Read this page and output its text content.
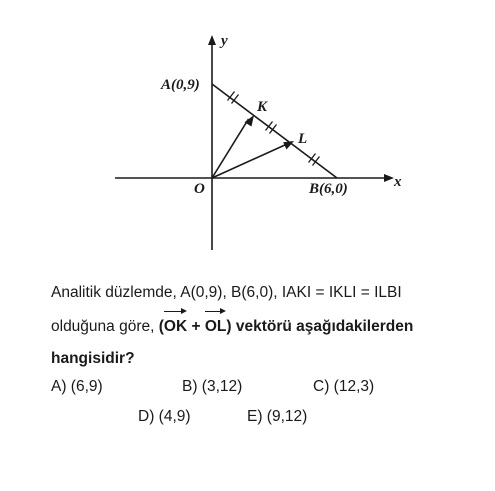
y
x
O
A(0,9)
B(6,0)
K
L
Analitik düzlemde, A(0,9), B(6,0), IAKI = IKLI = ILBI
olduğuna göre, (OK + OL) vektörü aşağıdakilerden
hangisidir?
A) (6,9)	B) (3,12)	C) (12,3)
D) (4,9)	E) (9,12)
